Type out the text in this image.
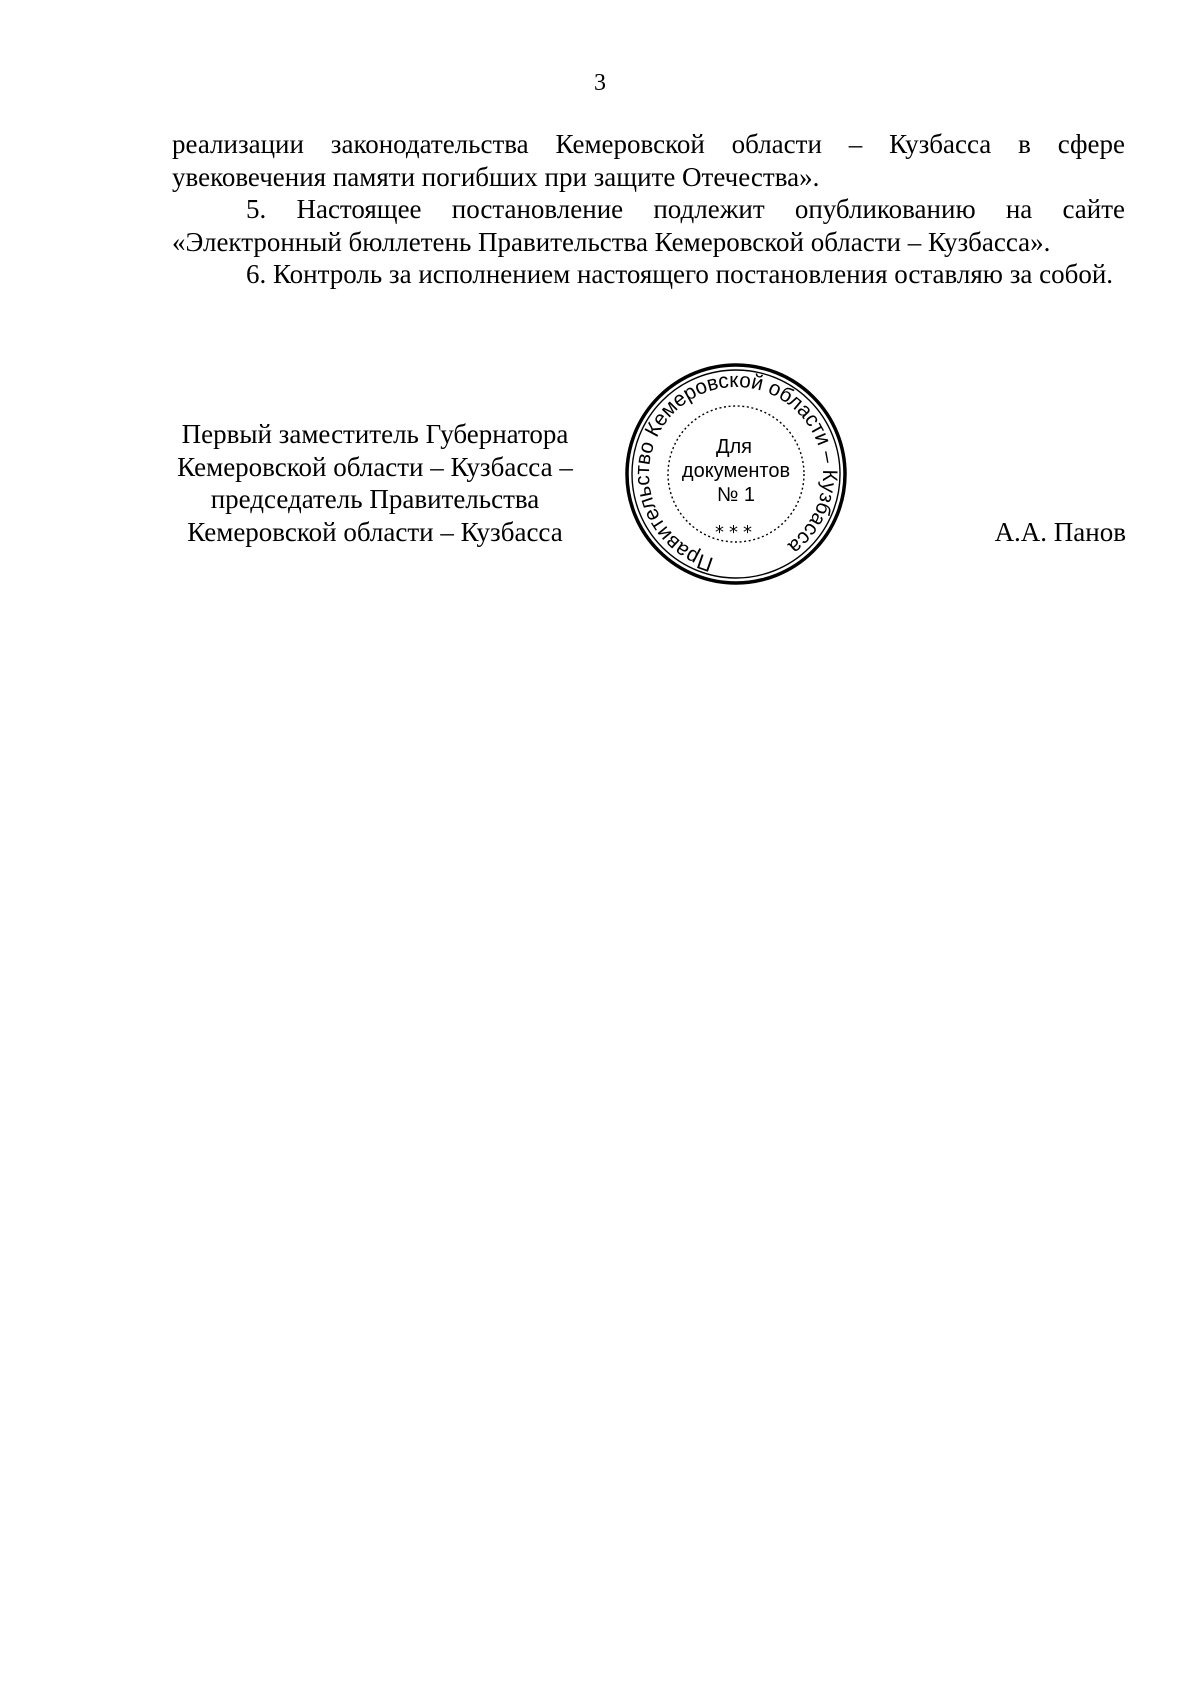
3

реализации законодательства Кемеровской области – Кузбасса в сфере увековечения памяти погибших при защите Отечества».

5. Настоящее постановление подлежит опубликованию на сайте «Электронный бюллетень Правительства Кемеровской области – Кузбасса».

6. Контроль за исполнением настоящего постановления оставляю за собой.

Первый заместитель Губернатора
Кемеровской области – Кузбасса –
председатель Правительства
Кемеровской области – Кузбасса
Правительство Кемеровской области – Кузбасса
***
Для
документов
№ 1
А.А. Панов
